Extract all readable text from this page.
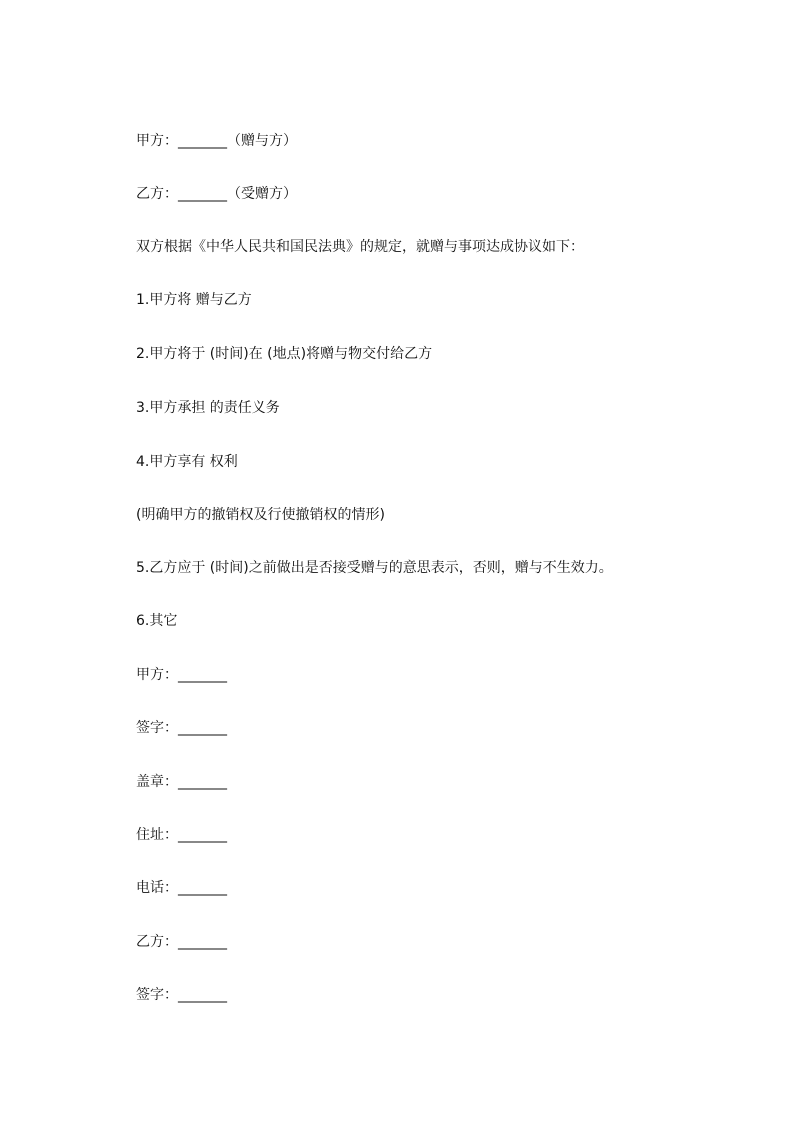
甲方：_______（赠与方）
乙方：_______（受赠方）
双方根据《中华人民共和国民法典》的规定，就赠与事项达成协议如下：
1.甲方将 赠与乙方
2.甲方将于 (时间)在 (地点)将赠与物交付给乙方
3.甲方承担 的责任义务
4.甲方享有 权利
(明确甲方的撤销权及行使撤销权的情形)
5.乙方应于 (时间)之前做出是否接受赠与的意思表示，否则，赠与不生效力。
6.其它
甲方：_______
签字：_______
盖章：_______
住址：_______
电话：_______
乙方：_______
签字：_______
